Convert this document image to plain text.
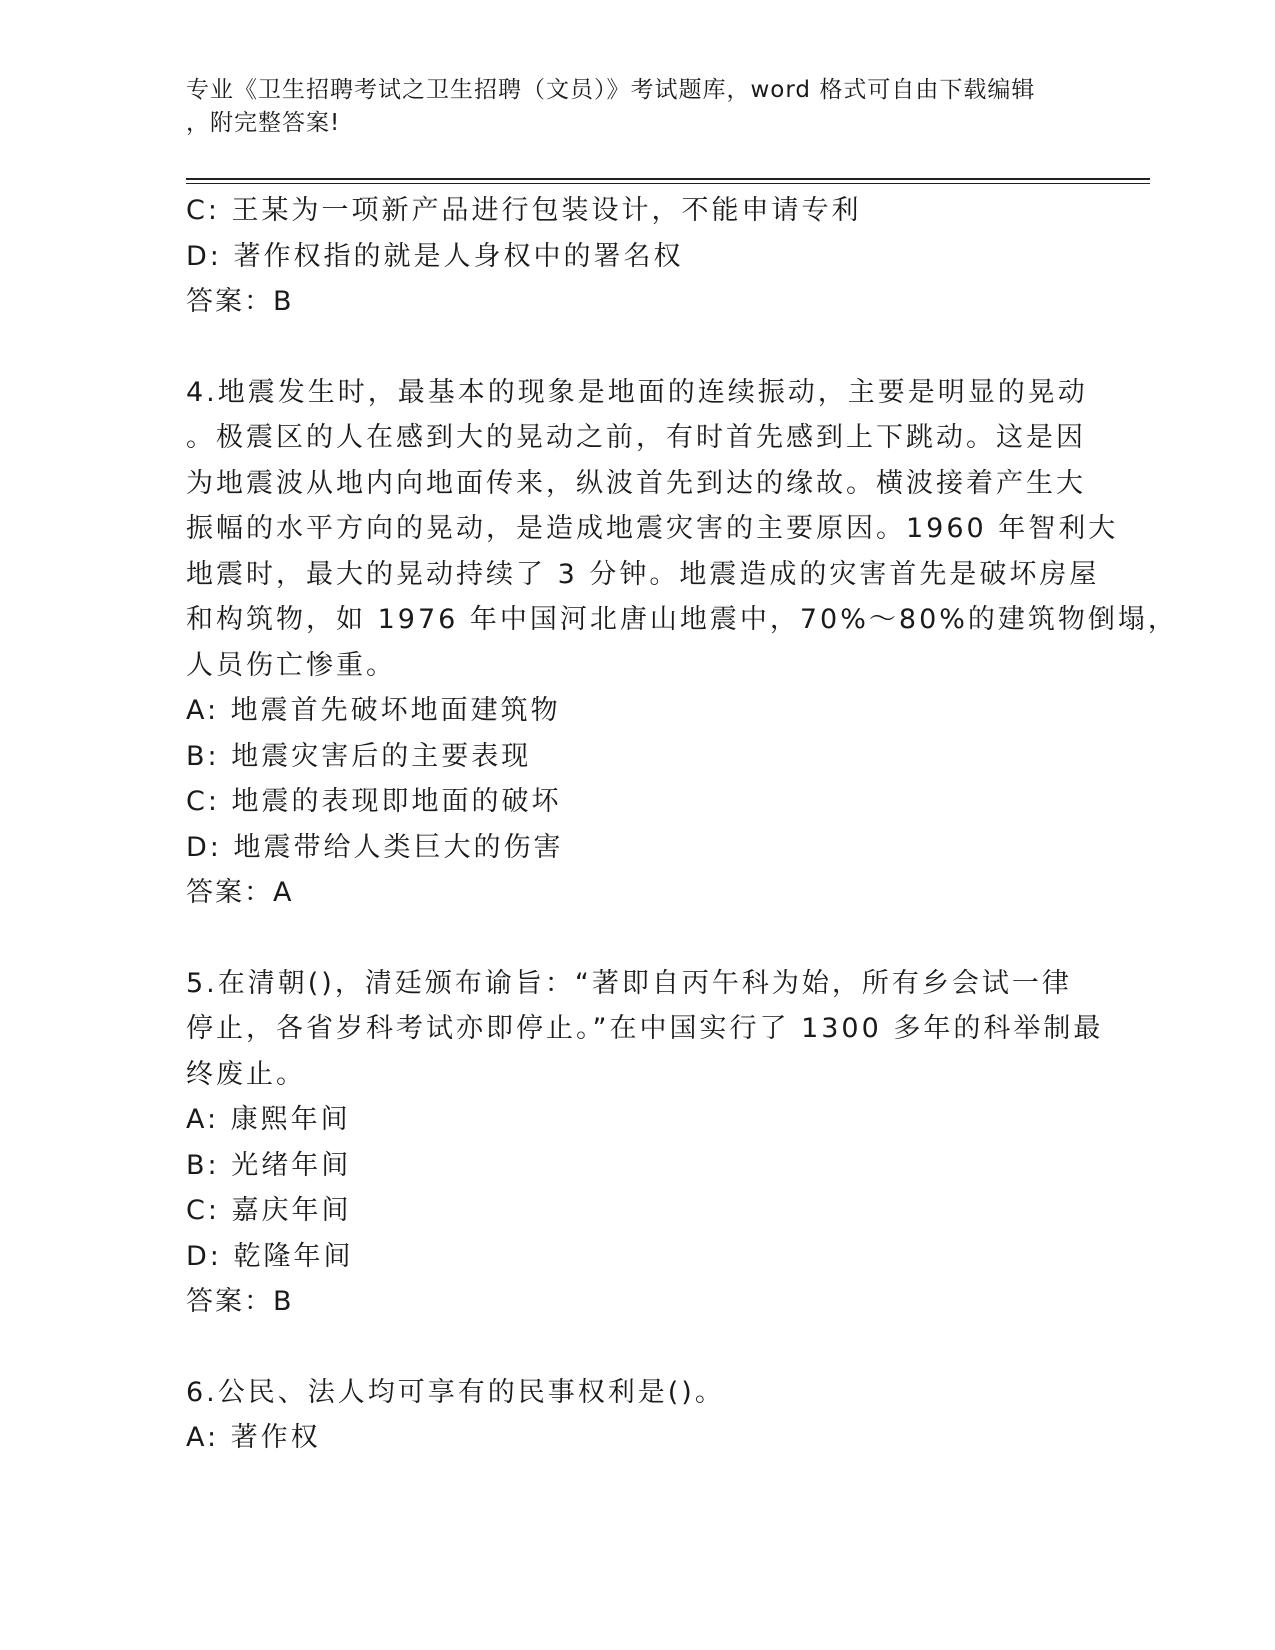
专业《卫生招聘考试之卫生招聘（文员）》考试题库，word 格式可自由下载编辑
，附完整答案!
C: 王某为一项新产品进行包装设计，不能申请专利
D: 著作权指的就是人身权中的署名权
答案：B
4.地震发生时，最基本的现象是地面的连续振动，主要是明显的晃动
。极震区的人在感到大的晃动之前，有时首先感到上下跳动。这是因
为地震波从地内向地面传来，纵波首先到达的缘故。横波接着产生大
振幅的水平方向的晃动，是造成地震灾害的主要原因。1960 年智利大
地震时，最大的晃动持续了 3 分钟。地震造成的灾害首先是破坏房屋
和构筑物，如 1976 年中国河北唐山地震中，70%～80%的建筑物倒塌，
人员伤亡惨重。
A: 地震首先破坏地面建筑物
B: 地震灾害后的主要表现
C: 地震的表现即地面的破坏
D: 地震带给人类巨大的伤害
答案：A
5.在清朝()，清廷颁布谕旨：“著即自丙午科为始，所有乡会试一律
停止，各省岁科考试亦即停止。”在中国实行了 1300 多年的科举制最
终废止。
A: 康熙年间
B: 光绪年间
C: 嘉庆年间
D: 乾隆年间
答案：B
6.公民、法人均可享有的民事权利是()。
A: 著作权
